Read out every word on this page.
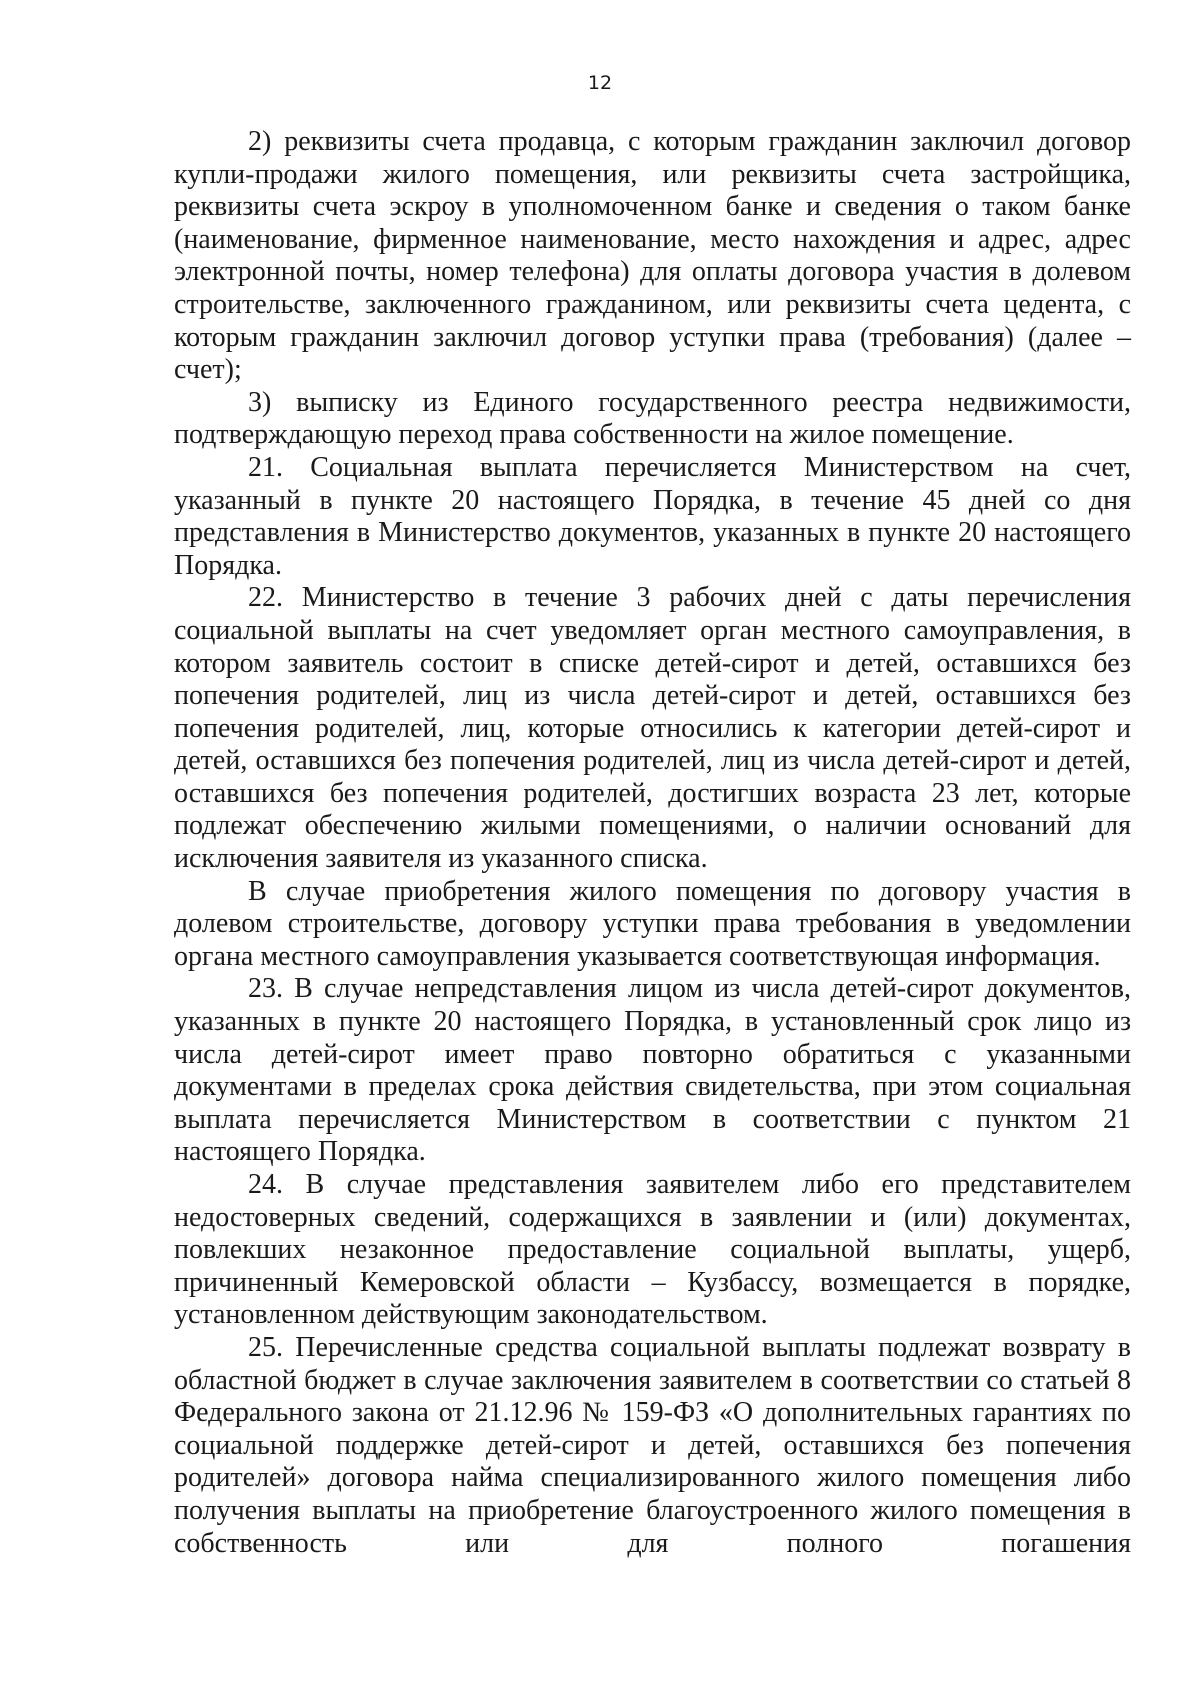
12

2) реквизиты счета продавца, с которым гражданин заключил договор купли-продажи жилого помещения, или реквизиты счета застройщика, реквизиты счета эскроу в уполномоченном банке и сведения о таком банке (наименование, фирменное наименование, место нахождения и адрес, адрес электронной почты, номер телефона) для оплаты договора участия в долевом строительстве, заключенного гражданином, или реквизиты счета цедента, с которым гражданин заключил договор уступки права (требования) (далее – счет);

3) выписку из Единого государственного реестра недвижимости, подтверждающую переход права собственности на жилое помещение.

21. Социальная выплата перечисляется Министерством на счет, указанный в пункте 20 настоящего Порядка, в течение 45 дней со дня представления в Министерство документов, указанных в пункте 20 настоящего Порядка.

22. Министерство в течение 3 рабочих дней с даты перечисления социальной выплаты на счет уведомляет орган местного самоуправления, в котором заявитель состоит в списке детей-сирот и детей, оставшихся без попечения родителей, лиц из числа детей-сирот и детей, оставшихся без попечения родителей, лиц, которые относились к категории детей-сирот и детей, оставшихся без попечения родителей, лиц из числа детей-сирот и детей, оставшихся без попечения родителей, достигших возраста 23 лет, которые подлежат обеспечению жилыми помещениями, о наличии оснований для исключения заявителя из указанного списка.

В случае приобретения жилого помещения по договору участия в долевом строительстве, договору уступки права требования в уведомлении органа местного самоуправления указывается соответствующая информация.

23. В случае непредставления лицом из числа детей-сирот документов, указанных в пункте 20 настоящего Порядка, в установленный срок лицо из числа детей-сирот имеет право повторно обратиться с указанными документами в пределах срока действия свидетельства, при этом социальная выплата перечисляется Министерством в соответствии с пунктом 21 настоящего Порядка.

24. В случае представления заявителем либо его представителем недостоверных сведений, содержащихся в заявлении и (или) документах, повлекших незаконное предоставление социальной выплаты, ущерб, причиненный Кемеровской области – Кузбассу, возмещается в порядке, установленном действующим законодательством.

25. Перечисленные средства социальной выплаты подлежат возврату в областной бюджет в случае заключения заявителем в соответствии со статьей 8 Федерального закона от 21.12.96 № 159-ФЗ «О дополнительных гарантиях по социальной поддержке детей-сирот и детей, оставшихся без попечения родителей» договора найма специализированного жилого помещения либо получения выплаты на приобретение благоустроенного жилого помещения в собственность или для полного погашения
